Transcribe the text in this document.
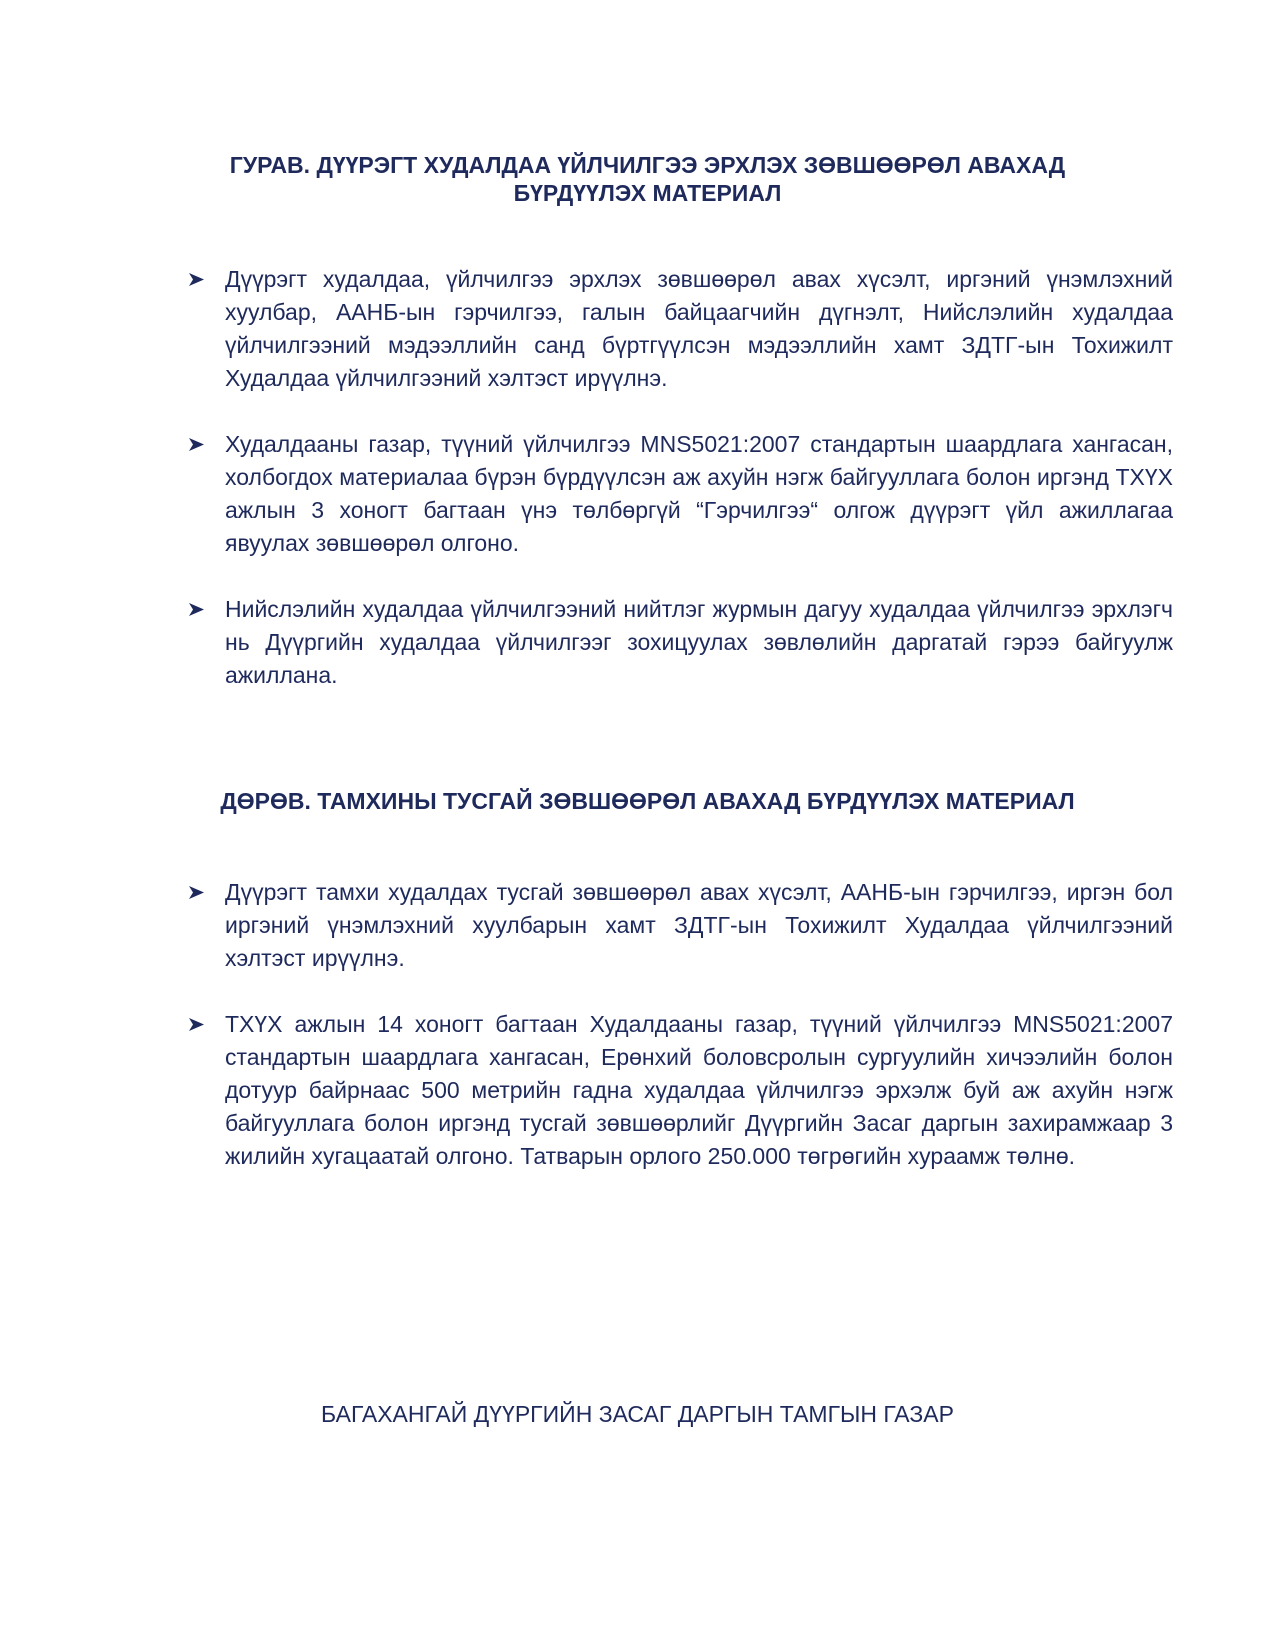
ГУРАВ. ДҮҮРЭГТ ХУДАЛДАА ҮЙЛЧИЛГЭЭ ЭРХЛЭХ ЗӨВШӨӨРӨЛ АВАХАД
БҮРДҮҮЛЭХ МАТЕРИАЛ
Дүүрэгт худалдаа, үйлчилгээ эрхлэх зөвшөөрөл авах хүсэлт, иргэний үнэмлэхний хуулбар, ААНБ-ын гэрчилгээ, галын байцаагчийн дүгнэлт, Нийслэлийн худалдаа үйлчилгээний мэдээллийн санд бүртгүүлсэн мэдээллийн хамт ЗДТГ-ын Тохижилт Худалдаа үйлчилгээний хэлтэст ирүүлнэ.
Худалдааны газар, түүний үйлчилгээ MNS5021:2007 стандартын шаардлага хангасан, холбогдох материалаа бүрэн бүрдүүлсэн аж ахуйн нэгж байгууллага болон иргэнд ТХҮХ ажлын 3 хоногт багтаан үнэ төлбөргүй “Гэрчилгээ“ олгож дүүрэгт үйл ажиллагаа явуулах зөвшөөрөл олгоно.
Нийслэлийн худалдаа үйлчилгээний нийтлэг журмын дагуу худалдаа үйлчилгээ эрхлэгч нь Дүүргийн худалдаа үйлчилгээг зохицуулах зөвлөлийн даргатай гэрээ байгуулж ажиллана.
ДӨРӨВ. ТАМХИНЫ ТУСГАЙ ЗӨВШӨӨРӨЛ АВАХАД БҮРДҮҮЛЭХ МАТЕРИАЛ
Дүүрэгт тамхи худалдах тусгай зөвшөөрөл авах хүсэлт, ААНБ-ын гэрчилгээ, иргэн бол иргэний үнэмлэхний хуулбарын хамт ЗДТГ-ын Тохижилт Худалдаа үйлчилгээний хэлтэст ирүүлнэ.
ТХҮХ ажлын 14 хоногт багтаан Худалдааны газар, түүний үйлчилгээ MNS5021:2007 стандартын шаардлага хангасан, Ерөнхий боловсролын сургуулийн хичээлийн болон дотуур байрнаас 500 метрийн гадна худалдаа үйлчилгээ эрхэлж буй аж ахуйн нэгж байгууллага болон иргэнд тусгай зөвшөөрлийг Дүүргийн Засаг даргын захирамжаар 3 жилийн хугацаатай олгоно. Татварын орлого 250.000 төгрөгийн хураамж төлнө.
БАГАХАНГАЙ ДҮҮРГИЙН ЗАСАГ ДАРГЫН ТАМГЫН ГАЗАР
